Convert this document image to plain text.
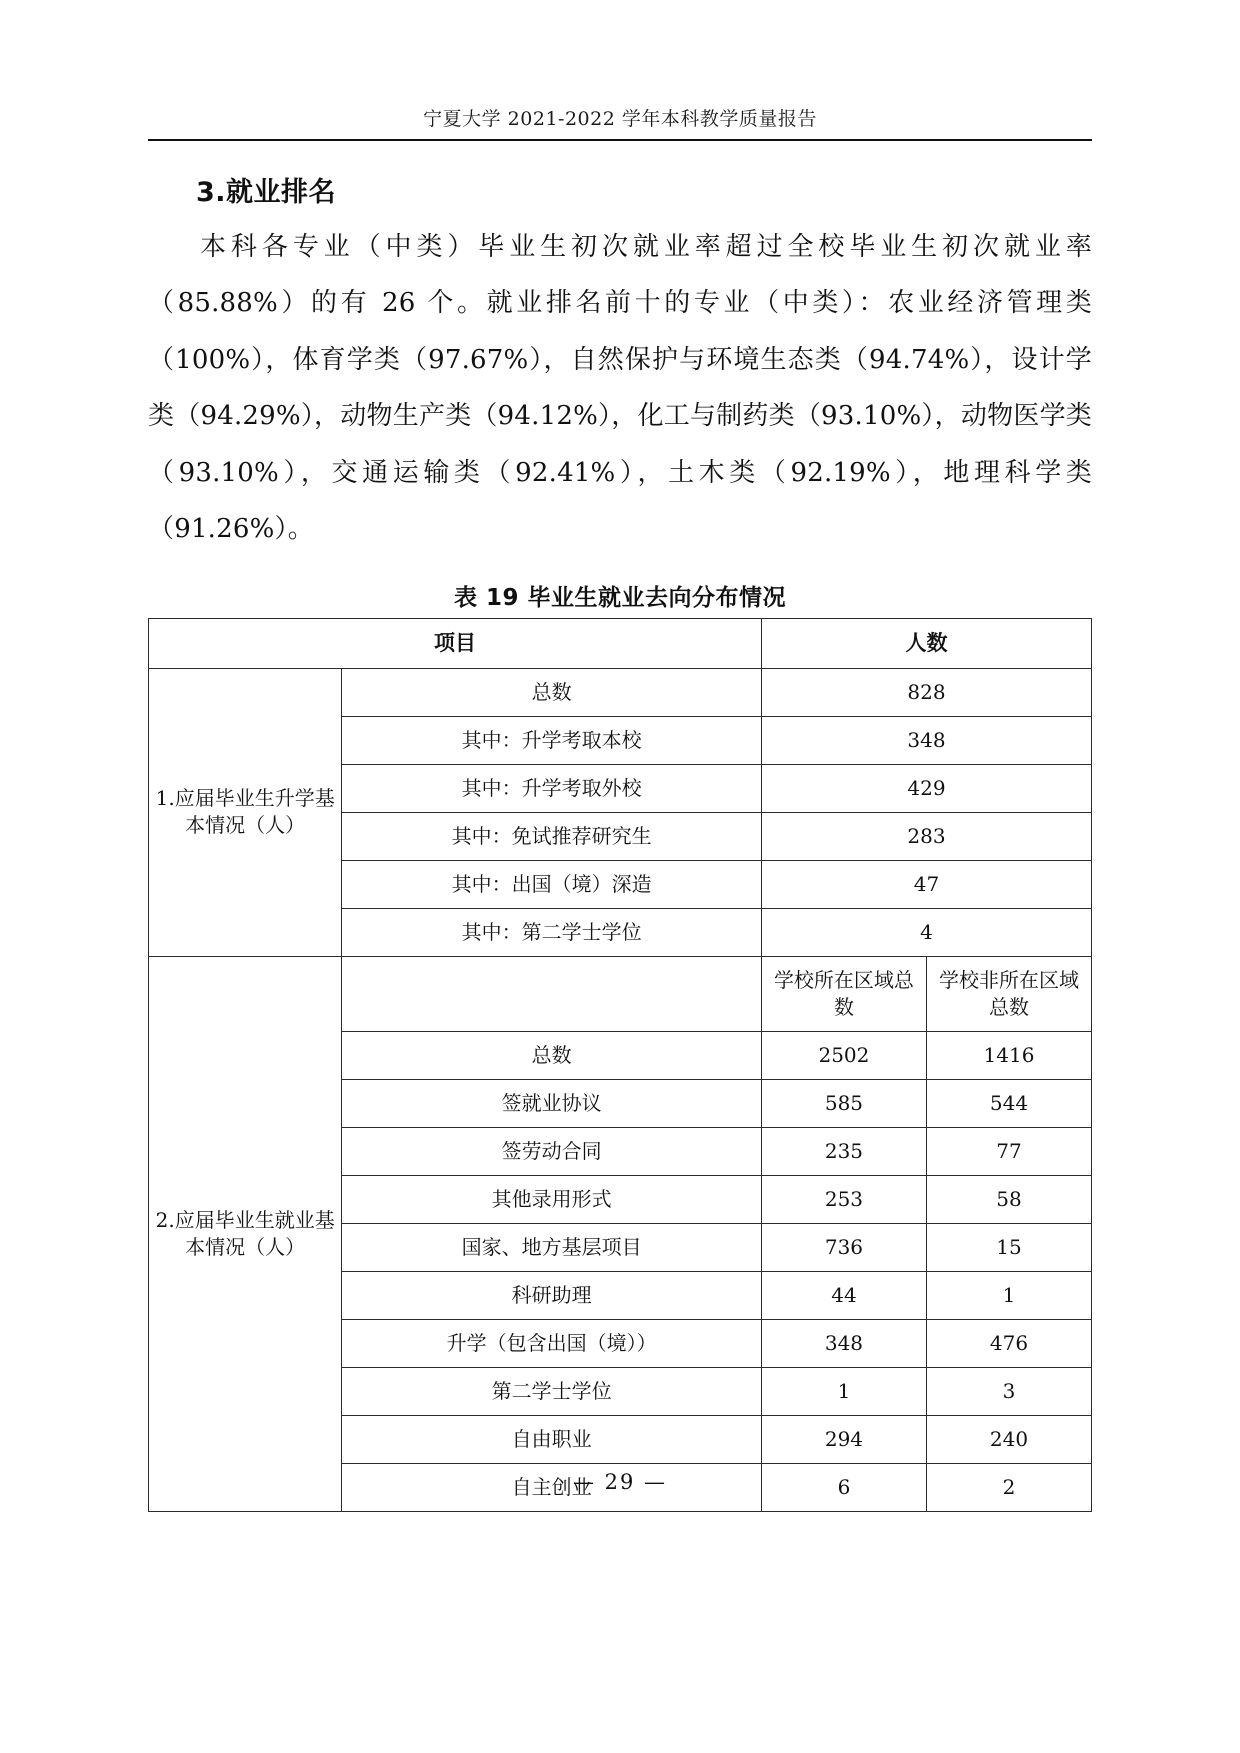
宁夏大学 2021-2022 学年本科教学质量报告
3.就业排名

本科各专业（中类）毕业生初次就业率超过全校毕业生初次就业率（85.88%）的有 26 个。就业排名前十的专业（中类）：农业经济管理类（100%），体育学类（97.67%），自然保护与环境生态类（94.74%），设计学类（94.29%），动物生产类（94.12%），化工与制药类（93.10%），动物医学类（93.10%），交通运输类（92.41%），土木类（92.19%），地理科学类（91.26%）。

表 19 毕业生就业去向分布情况
项目		人数	
1.应届毕业生升学基本情况（人）	总数	828	
	其中：升学考取本校	348	
	其中：升学考取外校	429	
	其中：免试推荐研究生	283	
	其中：出国（境）深造	47	
	其中：第二学士学位	4	
2.应届毕业生就业基本情况（人）		学校所在区域总数	学校非所在区域总数
	总数	2502	1416
	签就业协议	585	544
	签劳动合同	235	77
	其他录用形式	253	58
	国家、地方基层项目	736	15
	科研助理	44	1
	升学（包含出国（境））	348	476
	第二学士学位	1	3
	自由职业	294	240
	自主创业	6	2
— 29 —
